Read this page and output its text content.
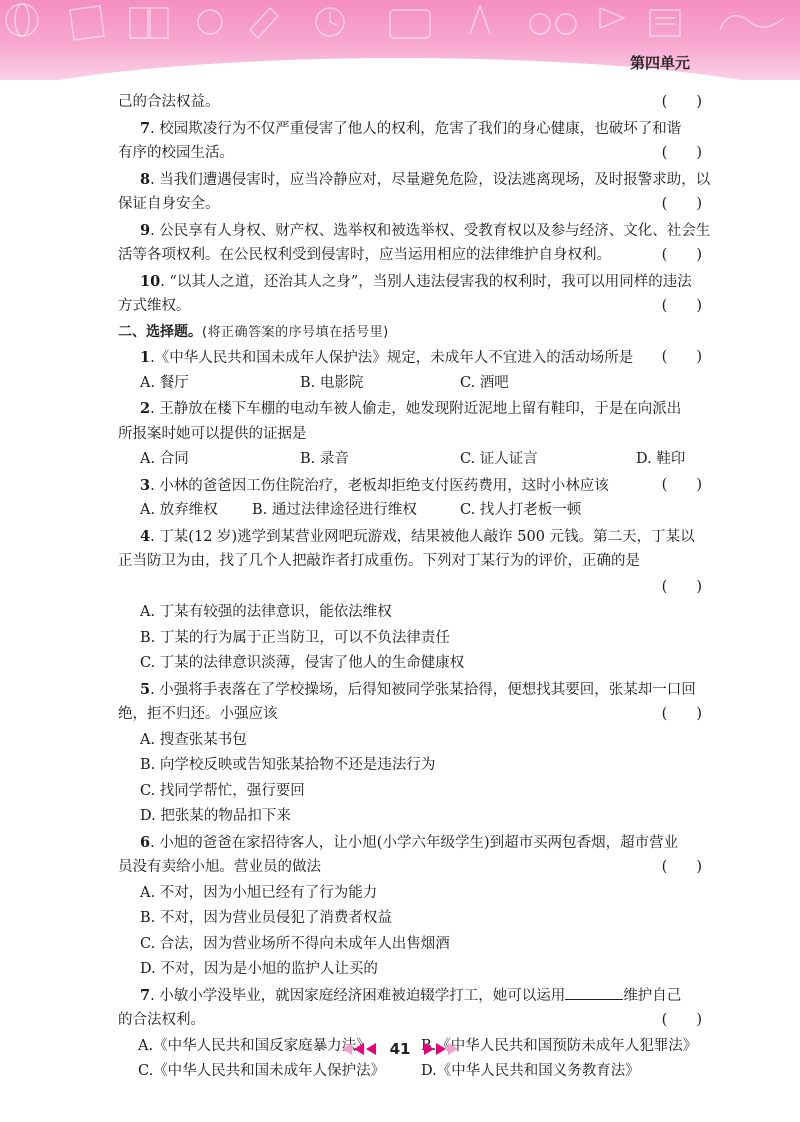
第四单元
己的合法权益。	(　　)
7. 校园欺凌行为不仅严重侵害了他人的权利，危害了我们的身心健康，也破坏了和谐
有序的校园生活。	(　　)
8. 当我们遭遇侵害时，应当冷静应对，尽量避免危险，设法逃离现场，及时报警求助，以
保证自身安全。	(　　)
9. 公民享有人身权、财产权、选举权和被选举权、受教育权以及参与经济、文化、社会生
活等各项权利。在公民权利受到侵害时，应当运用相应的法律维护自身权利。	(　　)
10. “以其人之道，还治其人之身”，当别人违法侵害我的权利时，我可以用同样的违法
方式维权。	(　　)
二、选择题。(将正确答案的序号填在括号里)
1.《中华人民共和国未成年人保护法》规定，未成年人不宜进入的活动场所是 (　　)
A. 餐厅	B. 电影院	C. 酒吧
2. 王静放在楼下车棚的电动车被人偷走，她发现附近泥地上留有鞋印，于是在向派出
所报案时她可以提供的证据是
A. 合同	B. 录音	C. 证人证言	D. 鞋印
3. 小林的爸爸因工伤住院治疗，老板却拒绝支付医药费用，这时小林应该	(　　)
A. 放弃维权	B. 通过法律途径进行维权	C. 找人打老板一顿
4. 丁某(12 岁)逃学到某营业网吧玩游戏，结果被他人敲诈 500 元钱。第二天，丁某以
正当防卫为由，找了几个人把敲诈者打成重伤。下列对丁某行为的评价，正确的是
(　　)
A. 丁某有较强的法律意识，能依法维权
B. 丁某的行为属于正当防卫，可以不负法律责任
C. 丁某的法律意识淡薄，侵害了他人的生命健康权
5. 小强将手表落在了学校操场，后得知被同学张某拾得，便想找其要回，张某却一口回
绝，拒不归还。小强应该	(　　)
A. 搜查张某书包
B. 向学校反映或告知张某拾物不还是违法行为
C. 找同学帮忙，强行要回
D. 把张某的物品扣下来
6. 小旭的爸爸在家招待客人，让小旭(小学六年级学生)到超市买两包香烟，超市营业
员没有卖给小旭。营业员的做法	(　　)
A. 不对，因为小旭已经有了行为能力
B. 不对，因为营业员侵犯了消费者权益
C. 合法，因为营业场所不得向未成年人出售烟酒
D. 不对，因为是小旭的监护人让买的
7. 小敏小学没毕业，就因家庭经济困难被迫辍学打工，她可以运用	维护自己
的合法权利。	(　　)
A.《中华人民共和国反家庭暴力法》	B.《中华人民共和国预防未成年人犯罪法》
C.《中华人民共和国未成年人保护法》	D.《中华人民共和国义务教育法》
41
